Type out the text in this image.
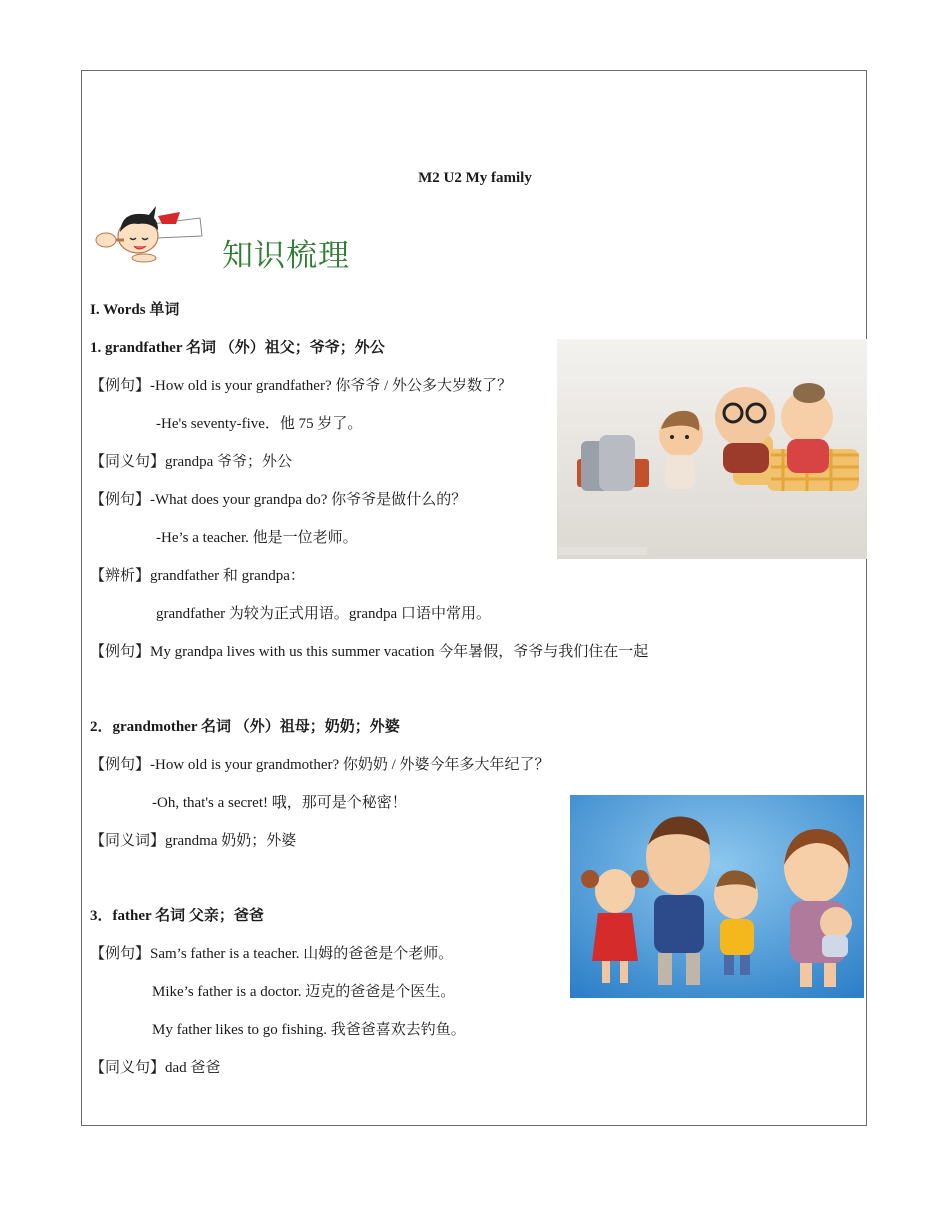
M2 U2 My family
知识梳理
I. Words 单词
1. grandfather 名词 （外）祖父；爷爷；外公
【例句】-How old is your grandfather? 你爷爷 / 外公多大岁数了？
-He's seventy-five．他 75 岁了。
【同义句】grandpa 爷爷；外公
【例句】-What does your grandpa do? 你爷爷是做什么的？
-He’s a teacher. 他是一位老师。
【辨析】grandfather 和 grandpa：
grandfather 为较为正式用语。grandpa 口语中常用。
【例句】My grandpa lives with us this summer vacation 今年暑假，爷爷与我们住在一起
2．grandmother 名词 （外）祖母；奶奶；外婆
【例句】-How old is your grandmother? 你奶奶 / 外婆今年多大年纪了？
-Oh, that's a secret! 哦，那可是个秘密！
【同义词】grandma 奶奶；外婆
3．father 名词 父亲；爸爸
【例句】Sam’s father is a teacher. 山姆的爸爸是个老师。
Mike’s father is a doctor. 迈克的爸爸是个医生。
My father likes to go fishing. 我爸爸喜欢去钓鱼。
【同义句】dad 爸爸
